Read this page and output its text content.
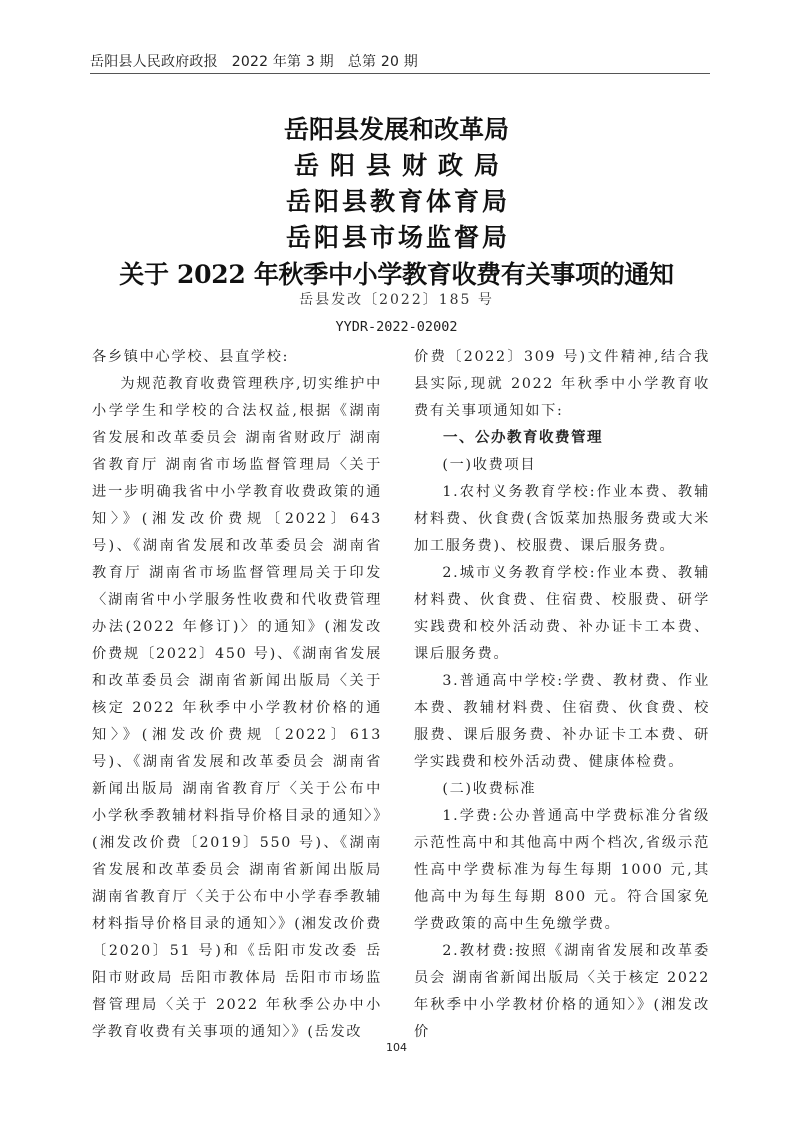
岳阳县人民政府政报   2022 年第 3 期   总第 20 期
岳阳县发展和改革局
岳阳县财政局
岳阳县教育体育局
岳阳县市场监督局
关于 2022 年秋季中小学教育收费有关事项的通知
岳县发改〔2022〕185 号
YYDR-2022-02002

各乡镇中心学校、县直学校:

为规范教育收费管理秩序,切实维护中小学学生和学校的合法权益,根据《湖南省发展和改革委员会 湖南省财政厅 湖南省教育厅 湖南省市场监督管理局〈关于进一步明确我省中小学教育收费政策的通知〉》(湘发改价费规〔2022〕643 号)、《湖南省发展和改革委员会 湖南省教育厅 湖南省市场监督管理局关于印发〈湖南省中小学服务性收费和代收费管理办法(2022 年修订)〉的通知》(湘发改价费规〔2022〕450 号)、《湖南省发展和改革委员会 湖南省新闻出版局〈关于核定 2022 年秋季中小学教材价格的通知〉》(湘发改价费规〔2022〕613 号)、《湖南省发展和改革委员会 湖南省新闻出版局 湖南省教育厅〈关于公布中小学秋季教辅材料指导价格目录的通知〉》(湘发改价费〔2019〕550 号)、《湖南省发展和改革委员会 湖南省新闻出版局 湖南省教育厅〈关于公布中小学春季教辅材料指导价格目录的通知〉》(湘发改价费〔2020〕51 号)和《岳阳市发改委 岳阳市财政局 岳阳市教体局 岳阳市市场监督管理局〈关于 2022 年秋季公办中小学教育收费有关事项的通知〉》(岳发改

价费〔2022〕309 号)文件精神,结合我县实际,现就 2022 年秋季中小学教育收费有关事项通知如下:

一、公办教育收费管理

(一)收费项目

1.农村义务教育学校:作业本费、教辅材料费、伙食费(含饭菜加热服务费或大米加工服务费)、校服费、课后服务费。

2.城市义务教育学校:作业本费、教辅材料费、伙食费、住宿费、校服费、研学实践费和校外活动费、补办证卡工本费、课后服务费。

3.普通高中学校:学费、教材费、作业本费、教辅材料费、住宿费、伙食费、校服费、课后服务费、补办证卡工本费、研学实践费和校外活动费、健康体检费。

(二)收费标准

1.学费:公办普通高中学费标准分省级示范性高中和其他高中两个档次,省级示范性高中学费标准为每生每期 1000 元,其他高中为每生每期 800 元。符合国家免学费政策的高中生免缴学费。

2.教材费:按照《湖南省发展和改革委员会 湖南省新闻出版局〈关于核定 2022 年秋季中小学教材价格的通知〉》(湘发改价

104
